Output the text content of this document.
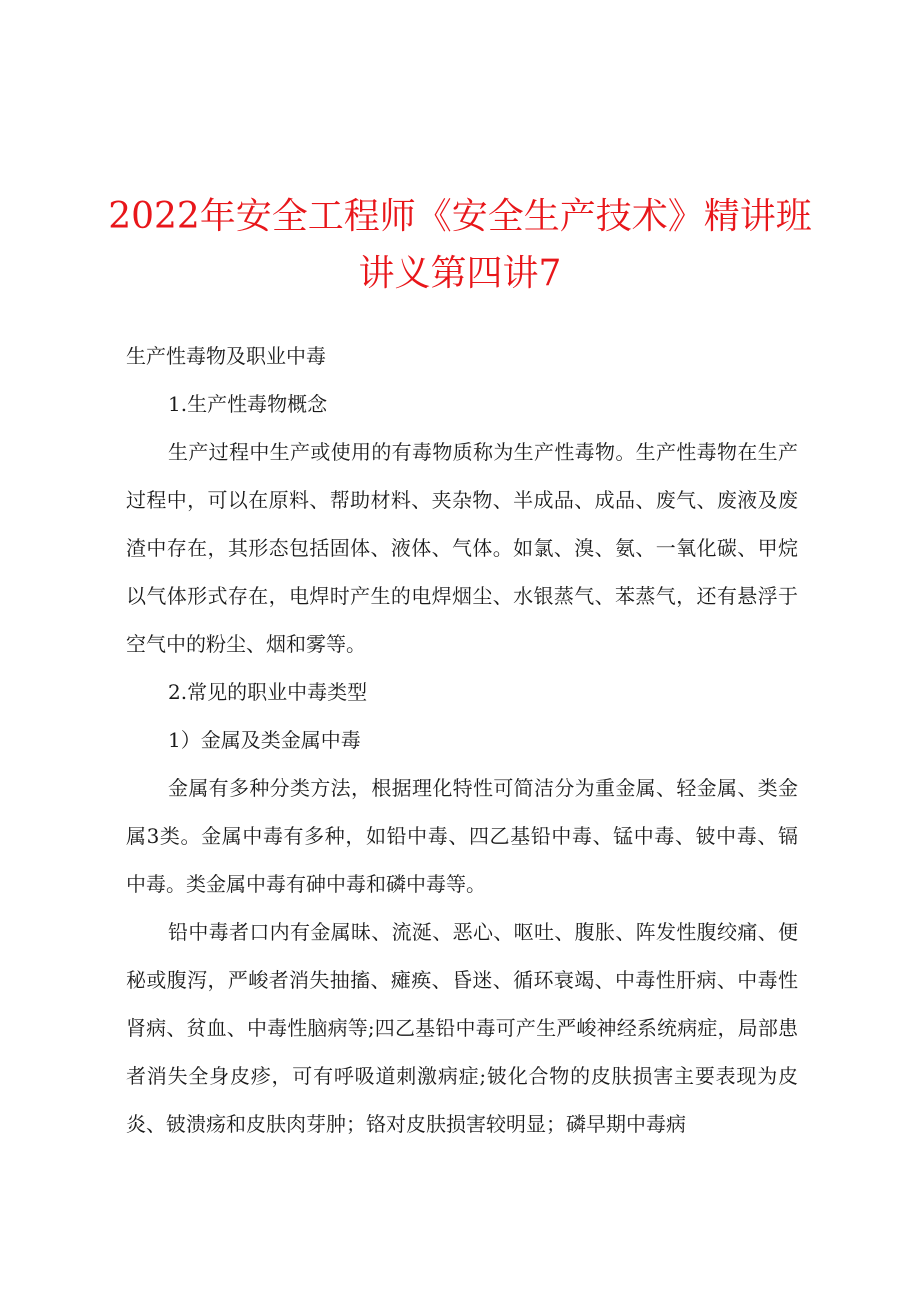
2022年安全工程师《安全生产技术》精讲班讲义第四讲7

生产性毒物及职业中毒

1.生产性毒物概念

生产过程中生产或使用的有毒物质称为生产性毒物。生产性毒物在生产过程中，可以在原料、帮助材料、夹杂物、半成品、成品、废气、废液及废渣中存在，其形态包括固体、液体、气体。如氯、溴、氨、一氧化碳、甲烷以气体形式存在，电焊时产生的电焊烟尘、水银蒸气、苯蒸气，还有悬浮于空气中的粉尘、烟和雾等。

2.常见的职业中毒类型

1）金属及类金属中毒

金属有多种分类方法，根据理化特性可简洁分为重金属、轻金属、类金属3类。金属中毒有多种，如铅中毒、四乙基铅中毒、锰中毒、铍中毒、镉中毒。类金属中毒有砷中毒和磷中毒等。

铅中毒者口内有金属昧、流涎、恶心、呕吐、腹胀、阵发性腹绞痛、便秘或腹泻，严峻者消失抽搐、瘫痪、昏迷、循环衰竭、中毒性肝病、中毒性肾病、贫血、中毒性脑病等;四乙基铅中毒可产生严峻神经系统病症，局部患者消失全身皮疹，可有呼吸道刺激病症;铍化合物的皮肤损害主要表现为皮炎、铍溃疡和皮肤肉芽肿；铬对皮肤损害较明显；磷早期中毒病
